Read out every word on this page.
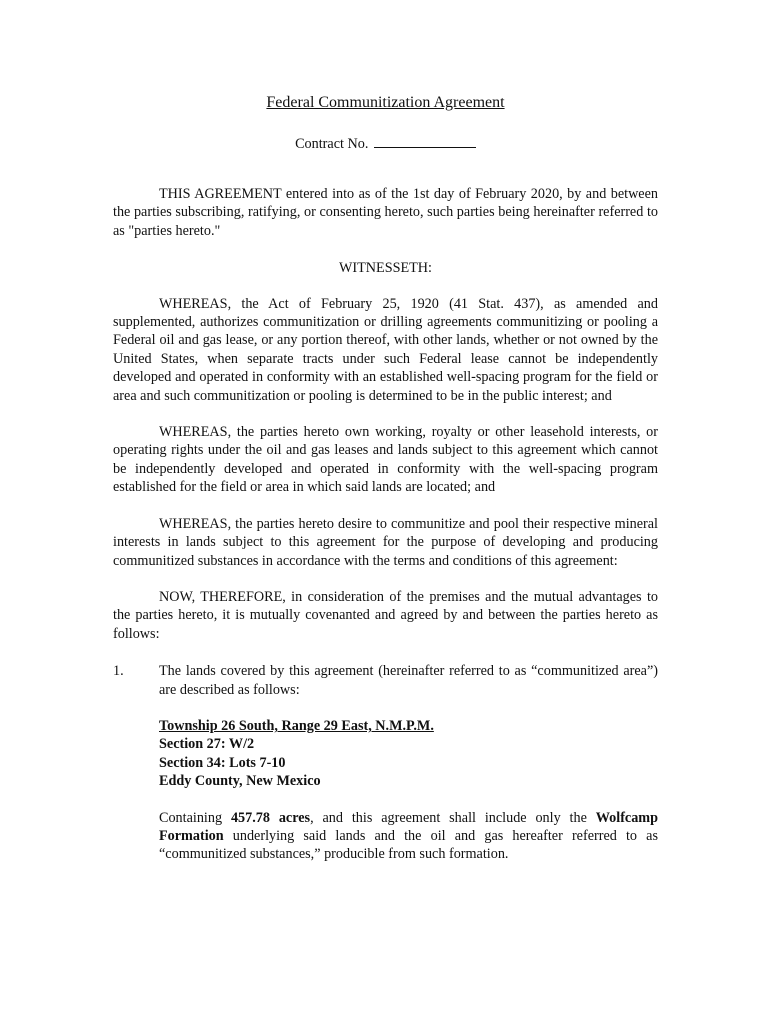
Federal Communitization Agreement
Contract No.

THIS AGREEMENT entered into as of the 1st day of February 2020, by and between the parties subscribing, ratifying, or consenting hereto, such parties being hereinafter referred to as "parties hereto."

WITNESSETH:

WHEREAS, the Act of February 25, 1920 (41 Stat. 437), as amended and supplemented, authorizes communitization or drilling agreements communitizing or pooling a Federal oil and gas lease, or any portion thereof, with other lands, whether or not owned by the United States, when separate tracts under such Federal lease cannot be independently developed and operated in conformity with an established well-spacing program for the field or area and such communitization or pooling is determined to be in the public interest; and

WHEREAS, the parties hereto own working, royalty or other leasehold interests, or operating rights under the oil and gas leases and lands subject to this agreement which cannot be independently developed and operated in conformity with the well-spacing program established for the field or area in which said lands are located; and

WHEREAS, the parties hereto desire to communitize and pool their respective mineral interests in lands subject to this agreement for the purpose of developing and producing communitized substances in accordance with the terms and conditions of this agreement:

NOW, THEREFORE, in consideration of the premises and the mutual advantages to the parties hereto, it is mutually covenanted and agreed by and between the parties hereto as follows:

1. The lands covered by this agreement (hereinafter referred to as “communitized area”) are described as follows:

Township 26 South, Range 29 East, N.M.P.M.
Section 27: W/2
Section 34: Lots 7-10
Eddy County, New Mexico

Containing 457.78 acres, and this agreement shall include only the Wolfcamp Formation underlying said lands and the oil and gas hereafter referred to as “communitized substances,” producible from such formation.
